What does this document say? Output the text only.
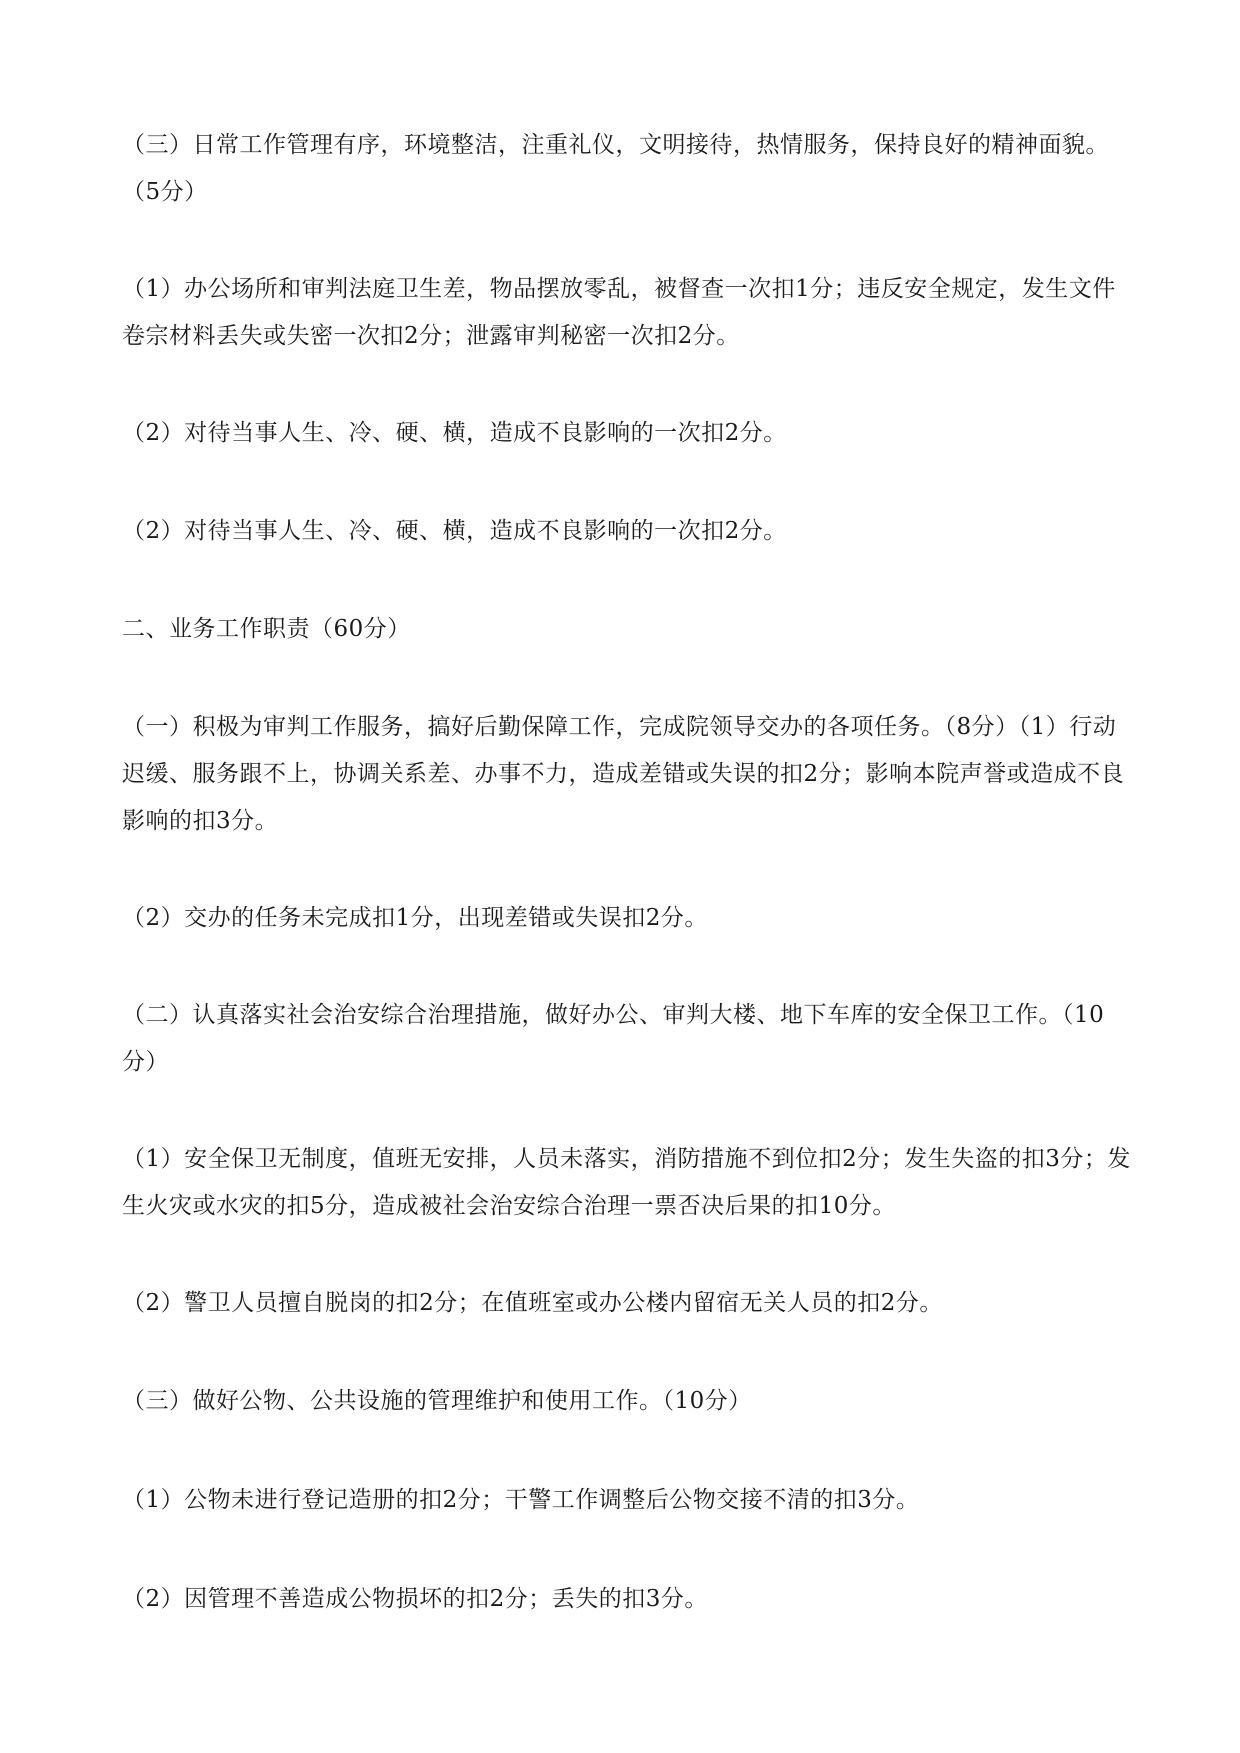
（三）日常工作管理有序，环境整洁，注重礼仪，文明接待，热情服务，保持良好的精神面貌。（5分）

（1）办公场所和审判法庭卫生差，物品摆放零乱，被督查一次扣1分；违反安全规定，发生文件卷宗材料丢失或失密一次扣2分；泄露审判秘密一次扣2分。

（2）对待当事人生、冷、硬、横，造成不良影响的一次扣2分。

（2）对待当事人生、冷、硬、横，造成不良影响的一次扣2分。

二、业务工作职责（60分）

（一）积极为审判工作服务，搞好后勤保障工作，完成院领导交办的各项任务。（8分）（1）行动迟缓、服务跟不上，协调关系差、办事不力，造成差错或失误的扣2分；影响本院声誉或造成不良影响的扣3分。

（2）交办的任务未完成扣1分，出现差错或失误扣2分。

（二）认真落实社会治安综合治理措施，做好办公、审判大楼、地下车库的安全保卫工作。（10分）

（1）安全保卫无制度，值班无安排，人员未落实，消防措施不到位扣2分；发生失盗的扣3分；发生火灾或水灾的扣5分，造成被社会治安综合治理一票否决后果的扣10分。

（2）警卫人员擅自脱岗的扣2分；在值班室或办公楼内留宿无关人员的扣2分。

（三）做好公物、公共设施的管理维护和使用工作。（10分）

（1）公物未进行登记造册的扣2分；干警工作调整后公物交接不清的扣3分。

（2）因管理不善造成公物损坏的扣2分；丢失的扣3分。
